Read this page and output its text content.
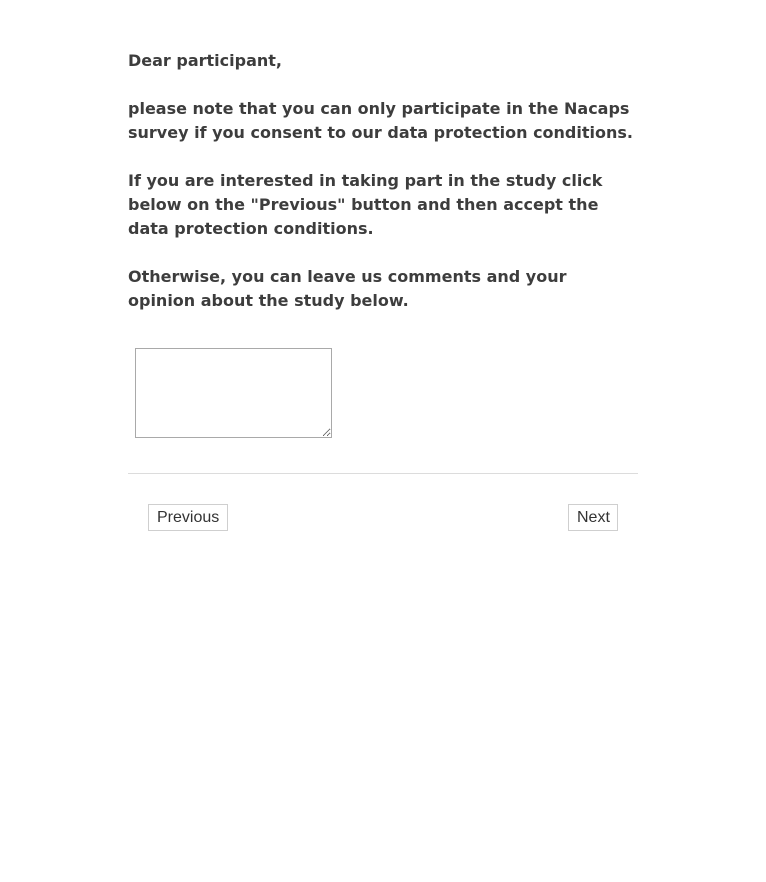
Dear participant,

please note that you can only participate in the Nacaps survey if you consent to our data protection conditions.

If you are interested in taking part in the study click below on the "Previous" button and then accept the data protection conditions.

Otherwise, you can leave us comments and your opinion about the study below.

Previous	Next
